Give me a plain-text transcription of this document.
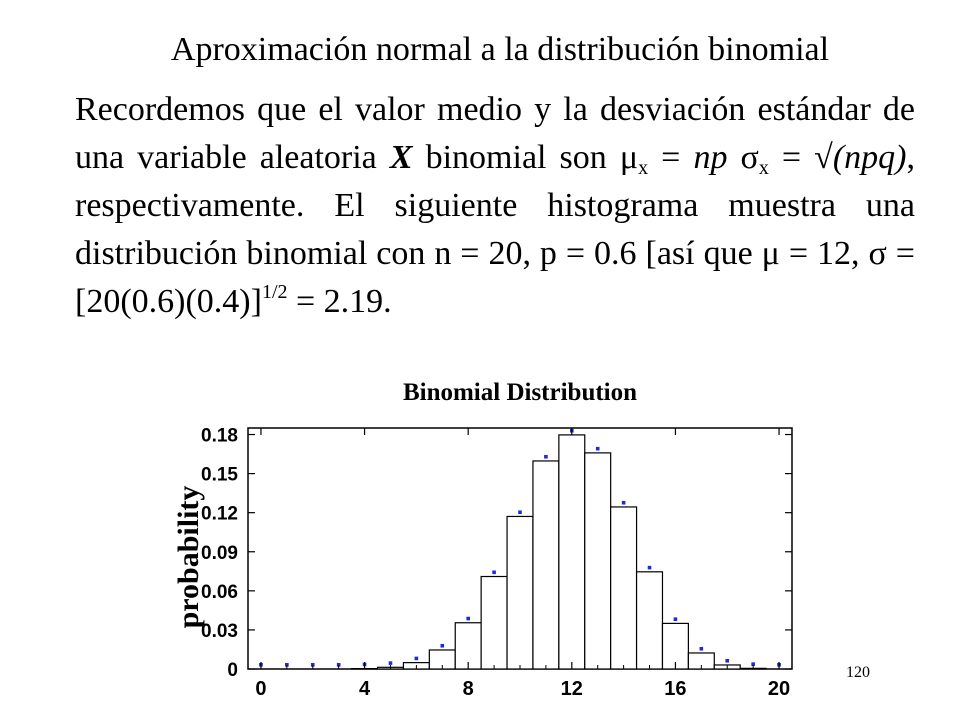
Aproximación normal a la distribución binomial
Recordemos que el valor medio y la desviación estándar de una variable aleatoria X binomial son $\mu_x$ = np $\sigma_x = √(npq)$, respectivamente. El siguiente histograma muestra una distribución binomial con n = 20, p = 0.6 [así que μ = 12, $\sigma = [20(0.6)(0.4)]^{1/2} = 2.19$.
Binomial Distribution
probability
0	4	8	12	16	20
0
0.03
0.06
0.09
0.12
0.15
0.18
120
